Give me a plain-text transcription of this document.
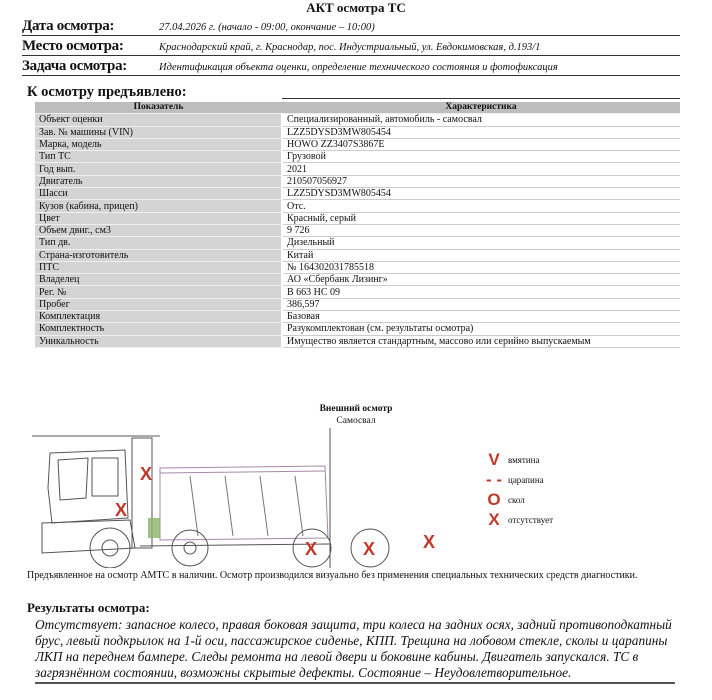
АКТ осмотра ТС
Дата осмотра:	27.04.2026 г. (начало - 09:00, окончание – 10:00)
Место осмотра:	Краснодарский край, г. Краснодар, пос. Индустриальный, ул. Евдокимовская, д.193/1
Задача осмотра:	Идентификация объекта оценки, определение технического состояния и фотофиксация
К осмотру предъявлено:
Показатель	Характеристика
Объект оценки	Специализированный, автомобиль - самосвал
Зав. № машины (VIN)	LZZ5DYSD3MW805454
Марка, модель	HOWO ZZ3407S3867E
Тип ТС	Грузовой
Год вып.	2021
Двигатель	210507056927
Шасси	LZZ5DYSD3MW805454
Кузов (кабина, прицеп)	Отс.
Цвет	Красный, серый
Объем двиг., см3	9 726
Тип дв.	Дизельный
Страна-изготовитель	Китай
ПТС	№ 164302031785518
Владелец	АО «Сбербанк Лизинг»
Рег. №	В 663 НС 09
Пробег	386,597
Комплектация	Базовая
Комплектность	Разукомплектован (см. результаты осмотра)
Уникальность	Имущество является стандартным, массово или серийно выпускаемым
Внешний осмотр
Самосвал
X
X
X	X	X
V вмятина
- - царапина
O скол
X отсутствует
Предъявленное на осмотр АМТС в наличии. Осмотр производился визуально без применения специальных технических средств диагностики.
Результаты осмотра:
Отсутствует: запасное колесо, правая боковая защита, три колеса на задних осях, задний противоподкатный брус, левый подкрылок на 1-й оси, пассажирское сиденье, КПП. Трещина на лобовом стекле, сколы и царапины ЛКП на переднем бампере. Следы ремонта на левой двери и боковине кабины. Двигатель запускался. ТС в загрязнённом состоянии, возможны скрытые дефекты. Состояние – Неудовлетворительное.
